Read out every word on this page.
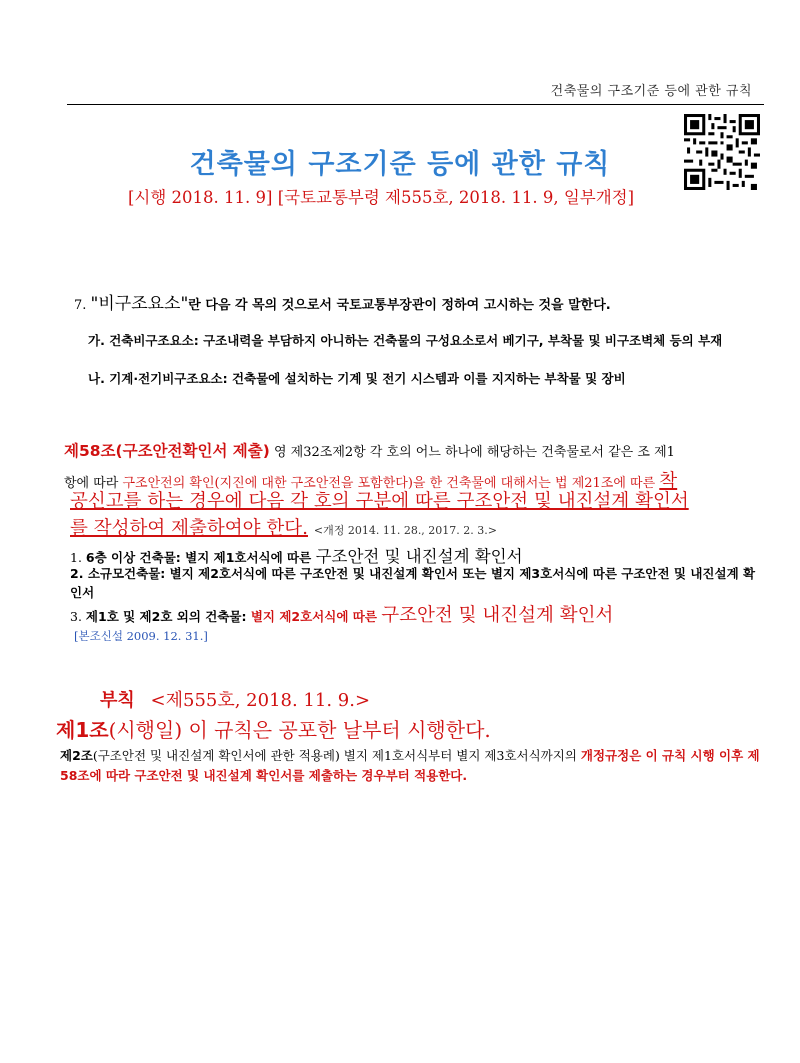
건축물의 구조기준 등에 관한 규칙
건축물의 구조기준 등에 관한 규칙
[시행 2018. 11. 9] [국토교통부령 제555호, 2018. 11. 9, 일부개정]
7. "비구조요소"란 다음 각 목의 것으로서 국토교통부장관이 정하여 고시하는 것을 말한다.
가. 건축비구조요소: 구조내력을 부담하지 아니하는 건축물의 구성요소로서 베기구, 부착물 및 비구조벽체 등의 부재
나. 기계·전기비구조요소: 건축물에 설치하는 기계 및 전기 시스템과 이를 지지하는 부착물 및 장비
제58조(구조안전확인서 제출) 영 제32조제2항 각 호의 어느 하나에 해당하는 건축물로서 같은 조 제1
항에 따라 구조안전의 확인(지진에 대한 구조안전을 포함한다)을 한 건축물에 대해서는 법 제21조에 따른 착
공신고를 하는 경우에 다음 각 호의 구분에 따른 구조안전 및 내진설계 확인서
를 작성하여 제출하여야 한다. <개정 2014. 11. 28., 2017. 2. 3.>
1. 6층 이상 건축물: 별지 제1호서식에 따른 구조안전 및 내진설계 확인서
2. 소규모건축물: 별지 제2호서식에 따른 구조안전 및 내진설계 확인서 또는 별지 제3호서식에 따른 구조안전 및 내진설계 확인서
3. 제1호 및 제2호 외의 건축물: 별지 제2호서식에 따른 구조안전 및 내진설계 확인서
[본조신설 2009. 12. 31.]
부칙 <제555호, 2018. 11. 9.>
제1조(시행일) 이 규칙은 공포한 날부터 시행한다.
제2조(구조안전 및 내진설계 확인서에 관한 적용례) 별지 제1호서식부터 별지 제3호서식까지의 개정규정은 이 규칙 시행 이후 제58조에 따라 구조안전 및 내진설계 확인서를 제출하는 경우부터 적용한다.
